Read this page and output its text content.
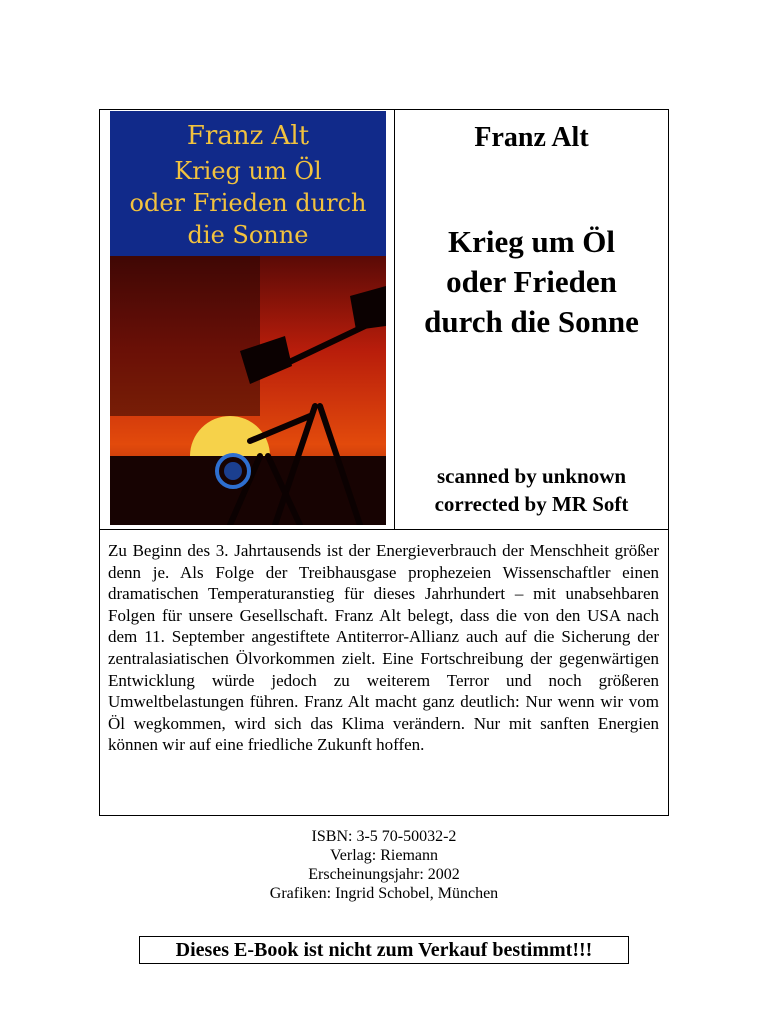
Franz Alt
Krieg um Öl
oder Frieden durch
die Sonne
Franz Alt
Krieg um Öl
oder Frieden
durch die Sonne
scanned by unknown
corrected by MR Soft
Zu Beginn des 3. Jahrtausends ist der Energieverbrauch der Menschheit größer denn je. Als Folge der Treibhausgase prophezeien Wissenschaftler einen dramatischen Temperaturanstieg für dieses Jahrhundert – mit unabsehbaren Folgen für unsere Gesellschaft. Franz Alt belegt, dass die von den USA nach dem 11. September angestiftete Antiterror-Allianz auch auf die Sicherung der zentralasiatischen Ölvorkommen zielt. Eine Fortschreibung der gegenwärtigen Entwicklung würde jedoch zu weiterem Terror und noch größeren Umweltbelastungen führen. Franz Alt macht ganz deutlich: Nur wenn wir vom Öl wegkommen, wird sich das Klima verändern. Nur mit sanften Energien können wir auf eine friedliche Zukunft hoffen.
ISBN: 3-5 70-50032-2
Verlag: Riemann
Erscheinungsjahr: 2002
Grafiken: Ingrid Schobel, München
Dieses E-Book ist nicht zum Verkauf bestimmt!!!
